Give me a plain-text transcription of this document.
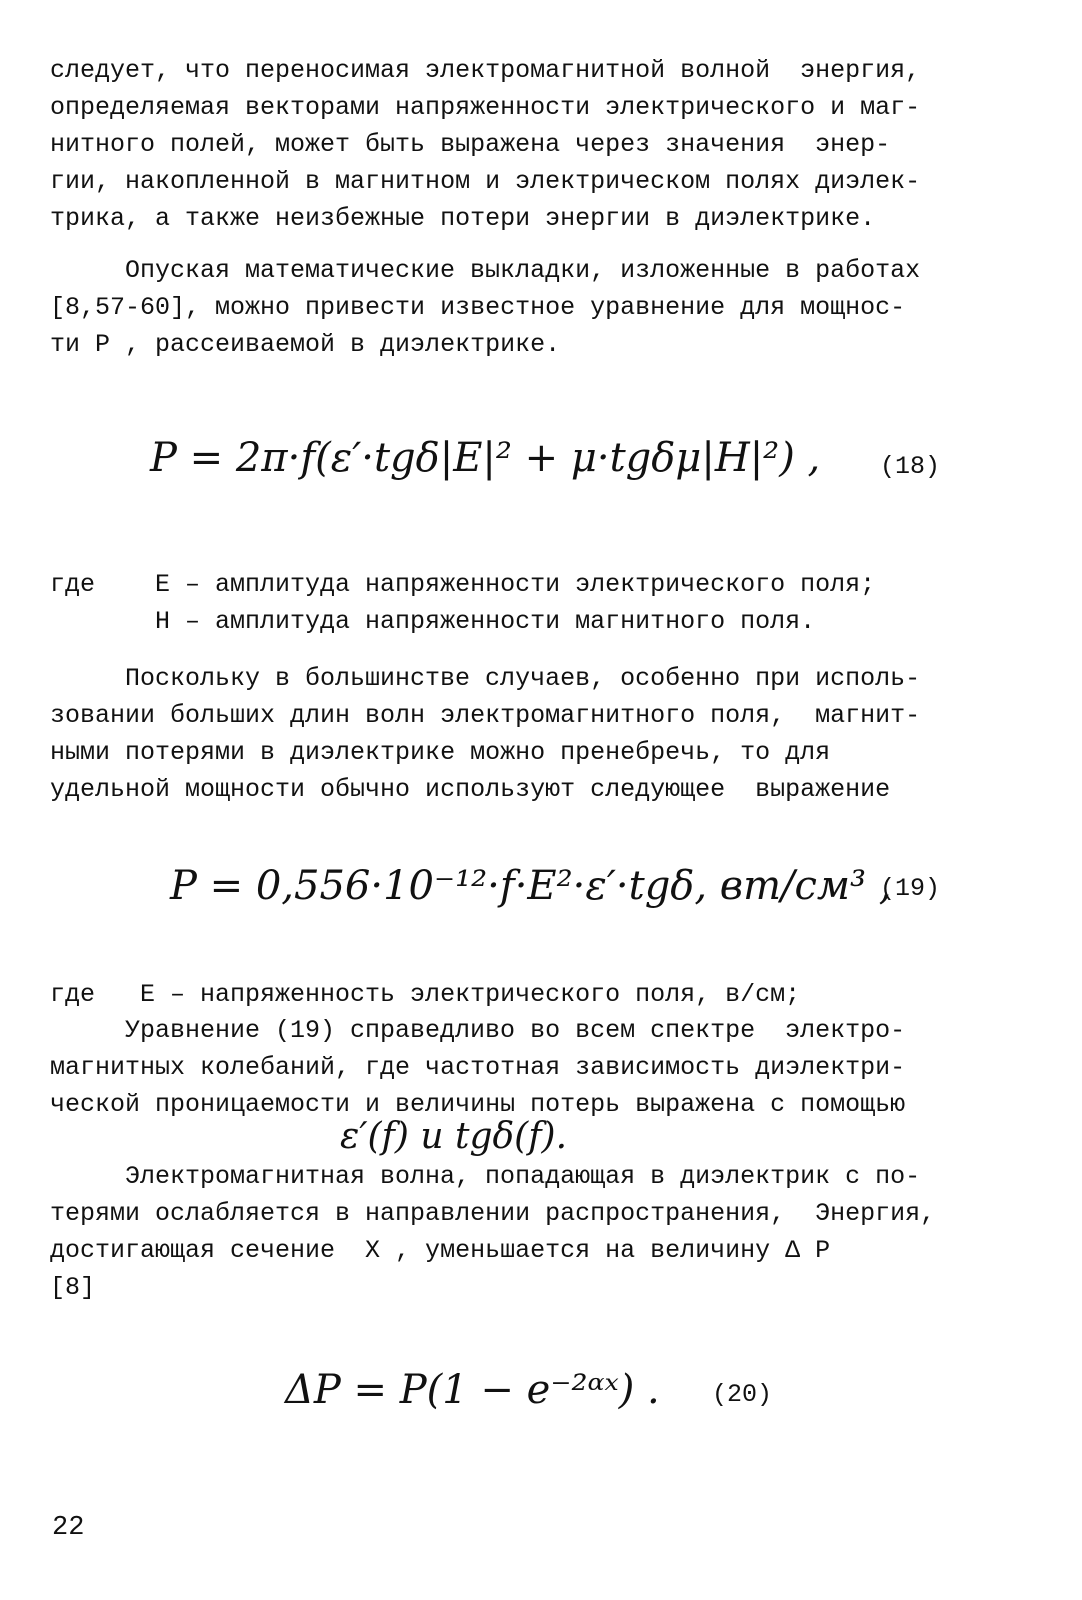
следует, что переносимая электромагнитной волной  энергия,
определяемая векторами напряженности электрического и маг-
нитного полей, может быть выражена через значения  энер-
гии, накопленной в магнитном и электрическом полях диэлек-
трика, а также неизбежные потери энергии в диэлектрике.
Опуская математические выкладки, изложенные в работах
[8,57-60], можно привести известное уравнение для мощнос-
ти P , рассеиваемой в диэлектрике.
P = 2π·f(ε′·tgδ|E|² + μ·tgδμ|H|²) , (18)
где    E – амплитуда напряженности электрического поля;
H – амплитуда напряженности магнитного поля.
Поскольку в большинстве случаев, особенно при исполь-
зовании больших длин волн электромагнитного поля,  магнит-
ными потерями в диэлектрике можно пренебречь, то для
удельной мощности обычно используют следующее  выражение
P = 0,556·10⁻¹²·f·E²·ε′·tgδ, вт/см³ ,
(19)
где   E – напряженность электрического поля, в/см;
Уравнение (19) справедливо во всем спектре  электро-
магнитных колебаний, где частотная зависимость диэлектри-
ческой проницаемости и величины потерь выражена с помощью
ε′(f) и tgδ(f).
Электромагнитная волна, попадающая в диэлектрик с по-
терями ослабляется в направлении распространения,  Энергия,
достигающая сечение  X , уменьшается на величину Δ P
[8]
ΔP = P(1 − e⁻²ᵅˣ) . (20)
22
